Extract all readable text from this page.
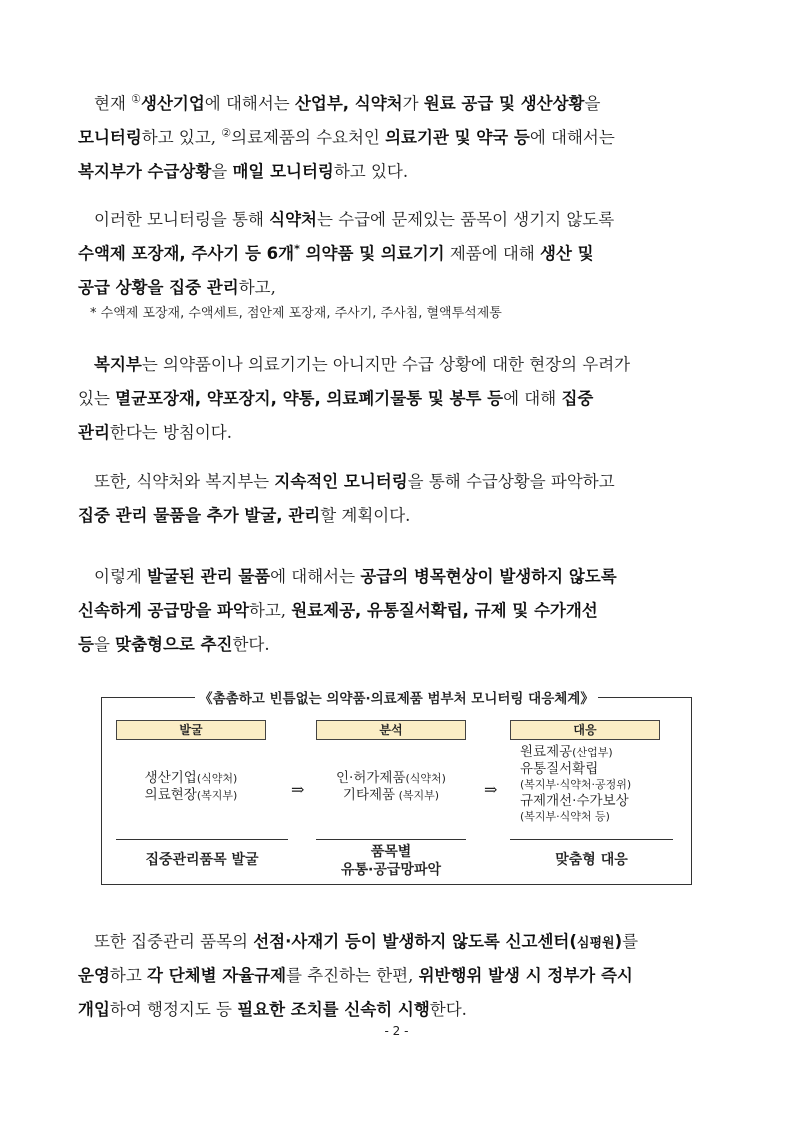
현재 ①생산기업에 대해서는 산업부, 식약처가 원료 공급 및 생산상황을
모니터링하고 있고, ②의료제품의 수요처인 의료기관 및 약국 등에 대해서는
복지부가 수급상황을 매일 모니터링하고 있다.
이러한 모니터링을 통해 식약처는 수급에 문제있는 품목이 생기지 않도록
수액제 포장재, 주사기 등 6개* 의약품 및 의료기기 제품에 대해 생산 및
공급 상황을 집중 관리하고,
* 수액제 포장재, 수액세트, 점안제 포장재, 주사기, 주사침, 혈액투석제통
복지부는 의약품이나 의료기기는 아니지만 수급 상황에 대한 현장의 우려가
있는 멸균포장재, 약포장지, 약통, 의료폐기물통 및 봉투 등에 대해 집중
관리한다는 방침이다.
또한, 식약처와 복지부는 지속적인 모니터링을 통해 수급상황을 파악하고
집중 관리 물품을 추가 발굴, 관리할 계획이다.
이렇게 발굴된 관리 물품에 대해서는 공급의 병목현상이 발생하지 않도록
신속하게 공급망을 파악하고, 원료제공, 유통질서확립, 규제 및 수가개선
등을 맞춤형으로 추진한다.
《촘촘하고 빈틈없는 의약품·의료제품 범부처 모니터링 대응체계》
발굴
생산기업(식약처)
의료현장(복지부)	⇒
분석
인·허가제품(식약처)
기타제품 (복지부)	⇒
대응
원료제공(산업부)
유통질서확립
(복지부·식약처·공정위)
규제개선·수가보상
(복지부·식약처 등)
집중관리품목 발굴	품목별
유통·공급망파악
맞춤형 대응
또한 집중관리 품목의 선점·사재기 등이 발생하지 않도록 신고센터(심평원)를
운영하고 각 단체별 자율규제를 추진하는 한편, 위반행위 발생 시 정부가 즉시
개입하여 행정지도 등 필요한 조치를 신속히 시행한다.
- 2 -
